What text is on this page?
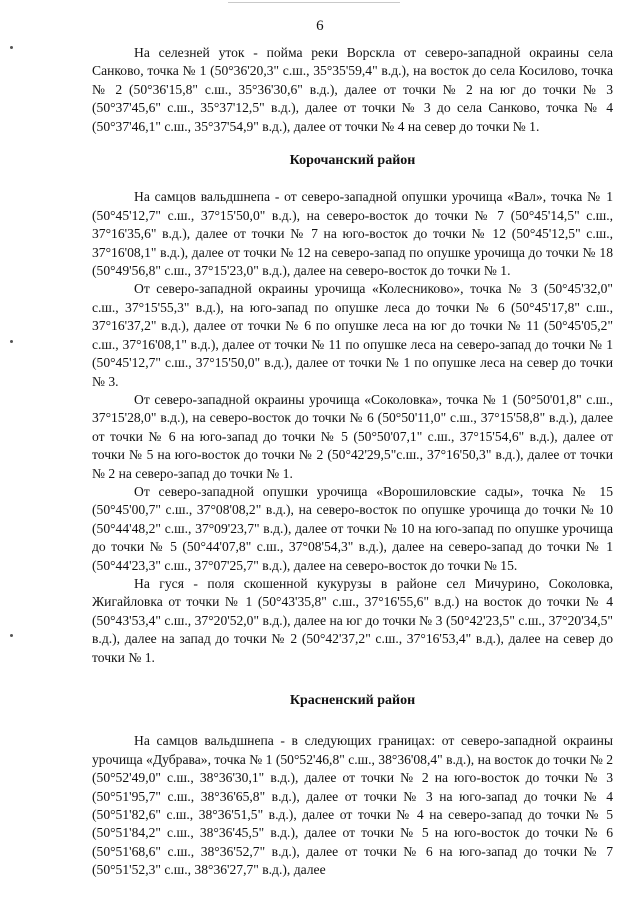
6

На селезней уток - пойма реки Ворскла от северо-западной окраины села Санково, точка № 1 (50°36'20,3" с.ш., 35°35'59,4" в.д.), на восток до села Косилово, точка № 2 (50°36'15,8" с.ш., 35°36'30,6" в.д.), далее от точки № 2 на юг до точки № 3 (50°37'45,6" с.ш., 35°37'12,5" в.д.), далее от точки № 3 до села Санково, точка № 4 (50°37'46,1" с.ш., 35°37'54,9" в.д.), далее от точки № 4 на север до точки № 1.

Корочанский район

На самцов вальдшнепа - от северо-западной опушки урочища «Вал», точка № 1 (50°45'12,7" с.ш., 37°15'50,0" в.д.), на северо-восток до точки № 7 (50°45'14,5" с.ш., 37°16'35,6" в.д.), далее от точки № 7 на юго-восток до точки № 12 (50°45'12,5" с.ш., 37°16'08,1" в.д.), далее от точки № 12 на северо-запад по опушке урочища до точки № 18 (50°49'56,8" с.ш., 37°15'23,0" в.д.), далее на северо-восток до точки № 1.

От северо-западной окраины урочища «Колесниково», точка № 3 (50°45'32,0" с.ш., 37°15'55,3" в.д.), на юго-запад по опушке леса до точки № 6 (50°45'17,8" с.ш., 37°16'37,2" в.д.), далее от точки № 6 по опушке леса на юг до точки № 11 (50°45'05,2" с.ш., 37°16'08,1" в.д.), далее от точки № 11 по опушке леса на северо-запад до точки № 1 (50°45'12,7" с.ш., 37°15'50,0" в.д.), далее от точки № 1 по опушке леса на север до точки № 3.

От северо-западной окраины урочища «Соколовка», точка № 1 (50°50'01,8" с.ш., 37°15'28,0" в.д.), на северо-восток до точки № 6 (50°50'11,0" с.ш., 37°15'58,8" в.д.), далее от точки № 6 на юго-запад до точки № 5 (50°50'07,1" с.ш., 37°15'54,6" в.д.), далее от точки № 5 на юго-восток до точки № 2 (50°42'29,5"с.ш., 37°16'50,3" в.д.), далее от точки № 2 на северо-запад до точки № 1.

От северо-западной опушки урочища «Ворошиловские сады», точка № 15 (50°45'00,7" с.ш., 37°08'08,2" в.д.), на северо-восток по опушке урочища до точки № 10 (50°44'48,2" с.ш., 37°09'23,7" в.д.), далее от точки № 10 на юго-запад по опушке урочища до точки № 5 (50°44'07,8" с.ш., 37°08'54,3" в.д.), далее на северо-запад до точки № 1 (50°44'23,3" с.ш., 37°07'25,7" в.д.), далее на северо-восток до точки № 15.

На гуся - поля скошенной кукурузы в районе сел Мичурино, Соколовка, Жигайловка от точки № 1 (50°43'35,8" с.ш., 37°16'55,6" в.д.) на восток до точки № 4 (50°43'53,4" с.ш., 37°20'52,0" в.д.), далее на юг до точки № 3 (50°42'23,5" с.ш., 37°20'34,5" в.д.), далее на запад до точки № 2 (50°42'37,2" с.ш., 37°16'53,4" в.д.), далее на север до точки № 1.

Красненский район

На самцов вальдшнепа - в следующих границах: от северо-западной окраины урочища «Дубрава», точка № 1 (50°52'46,8" с.ш., 38°36'08,4" в.д.), на восток до точки № 2 (50°52'49,0" с.ш., 38°36'30,1" в.д.), далее от точки № 2 на юго-восток до точки № 3 (50°51'95,7" с.ш., 38°36'65,8" в.д.), далее от точки № 3 на юго-запад до точки № 4 (50°51'82,6" с.ш., 38°36'51,5" в.д.), далее от точки № 4 на северо-запад до точки № 5 (50°51'84,2" с.ш., 38°36'45,5" в.д.), далее от точки № 5 на юго-восток до точки № 6 (50°51'68,6" с.ш., 38°36'52,7" в.д.), далее от точки № 6 на юго-запад до точки № 7 (50°51'52,3" с.ш., 38°36'27,7" в.д.), далее
